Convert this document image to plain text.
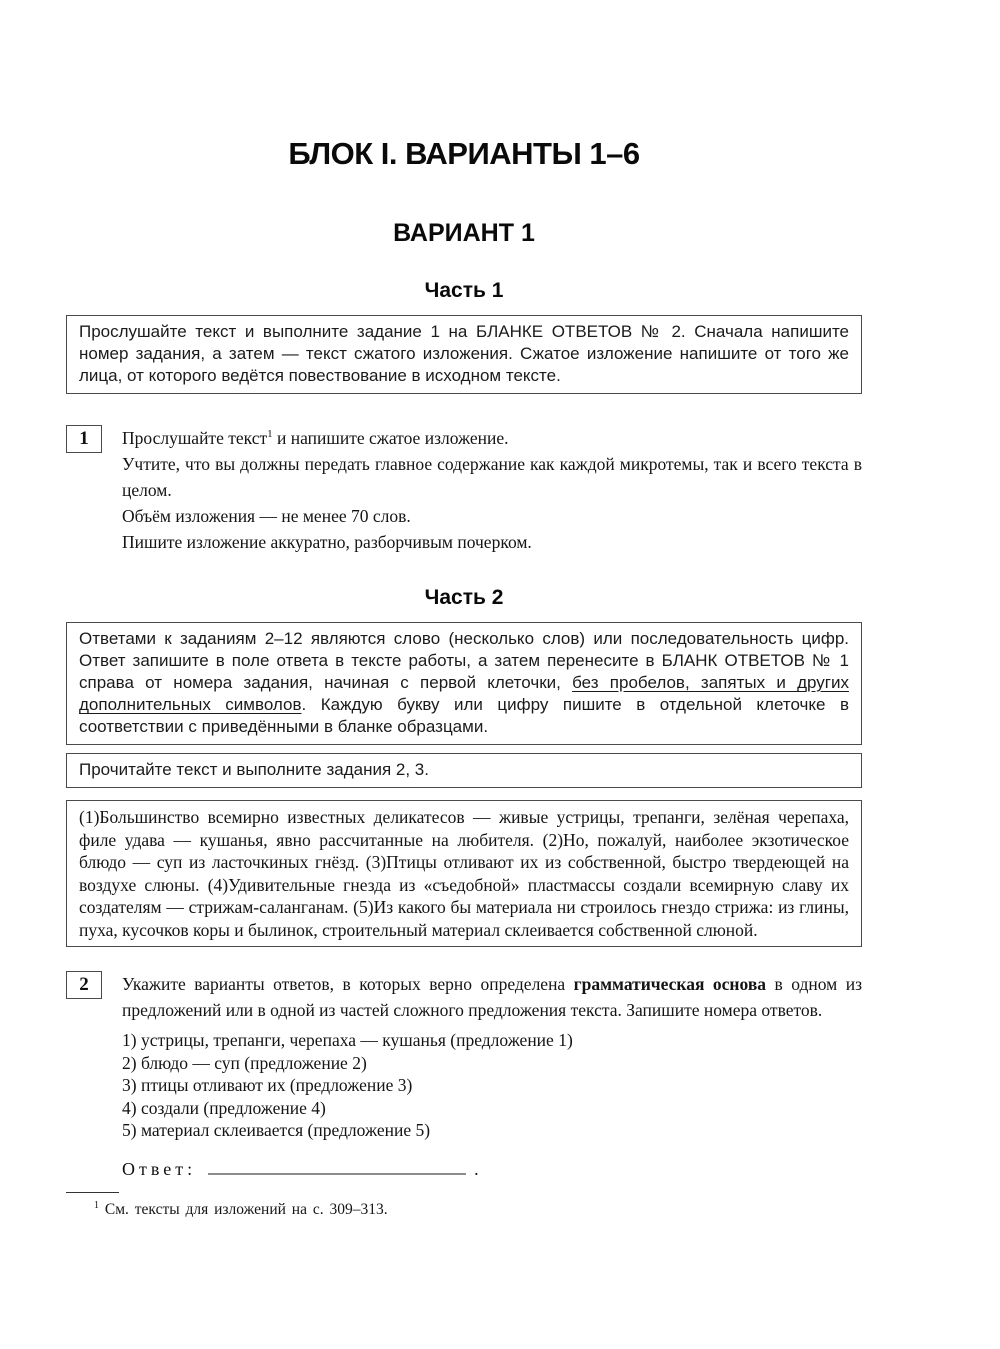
БЛОК I. ВАРИАНТЫ 1–6
ВАРИАНТ 1
Часть 1

Прослушайте текст и выполните задание 1 на БЛАНКЕ ОТВЕТОВ № 2. Сначала напишите номер задания, а затем — текст сжатого изложения. Сжатое изложение напишите от того же лица, от которого ведётся повествование в исходном тексте.

1	Прослушайте текст$^1$ и напишите сжатое изложение.

Учтите, что вы должны передать главное содержание как каждой микротемы, так и всего текста в целом.

Объём изложения — не менее 70 слов.

Пишите изложение аккуратно, разборчивым почерком.

Часть 2

Ответами к заданиям 2–12 являются слово (несколько слов) или последовательность цифр. Ответ запишите в поле ответа в тексте работы, а затем перенесите в БЛАНК ОТВЕТОВ № 1 справа от номера задания, начиная с первой клеточки, без пробелов, запятых и других дополнительных символов. Каждую букву или цифру пишите в отдельной клеточке в соответствии с приведёнными в бланке образцами.

Прочитайте текст и выполните задания 2, 3.

(1)Большинство всемирно известных деликатесов — живые устрицы, трепанги, зелёная черепаха, филе удава — кушанья, явно рассчитанные на любителя. (2)Но, пожалуй, наиболее экзотическое блюдо — суп из ласточкиных гнёзд. (3)Птицы отливают их из собственной, быстро твердеющей на воздухе слюны. (4)Удивительные гнезда из «съедобной» пластмассы создали всемирную славу их создателям — стрижам-саланганам. (5)Из какого бы материала ни строилось гнездо стрижа: из глины, пуха, кусочков коры и былинок, строительный материал склеивается собственной слюной.

2	Укажите варианты ответов, в которых верно определена грамматическая основа в одном из предложений или в одной из частей сложного предложения текста. Запишите номера ответов.

1) устрицы, трепанги, черепаха — кушанья (предложение 1)
2) блюдо — суп (предложение 2)
3) птицы отливают их (предложение 3)
4) создали (предложение 4)
5) материал склеивается (предложение 5)
Ответ:	.

$^1$ См. тексты для изложений на с. 309–313.
